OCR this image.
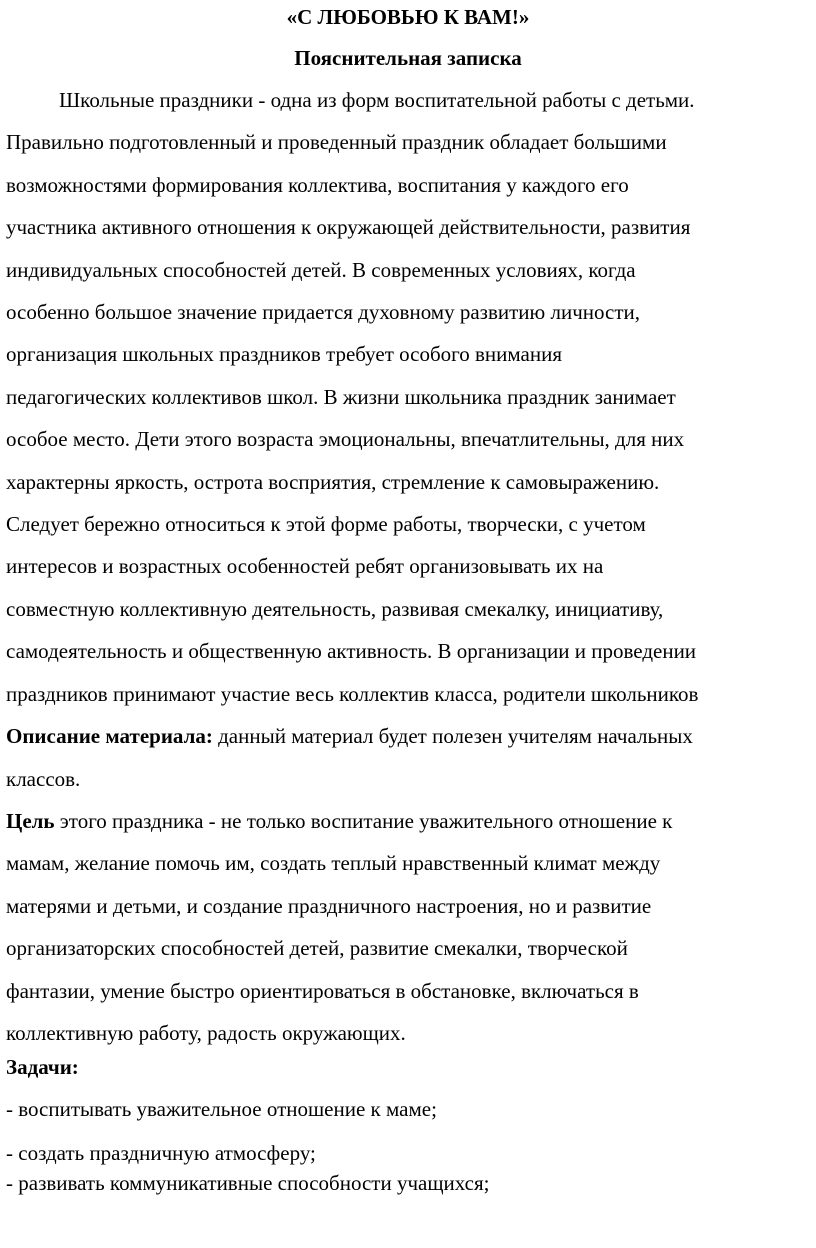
«С ЛЮБОВЬЮ К ВАМ!»
Пояснительная записка
Школьные праздники - одна из форм воспитательной работы с детьми.
Правильно подготовленный и проведенный праздник обладает большими
возможностями формирования коллектива, воспитания у каждого его
участника активного отношения к окружающей действительности, развития
индивидуальных способностей детей. В современных условиях, когда
особенно большое значение придается духовному развитию личности,
организация школьных праздников требует особого внимания
педагогических коллективов школ. В жизни школьника праздник занимает
особое место. Дети этого возраста эмоциональны, впечатлительны, для них
характерны яркость, острота восприятия, стремление к самовыражению.
Следует бережно относиться к этой форме работы, творчески, с учетом
интересов и возрастных особенностей ребят организовывать их на
совместную коллективную деятельность, развивая смекалку, инициативу,
самодеятельность и общественную активность. В организации и проведении
праздников принимают участие весь коллектив класса, родители школьников
Описание материала: данный материал будет полезен учителям начальных
классов.
Цель этого праздника - не только воспитание уважительного отношение к
мамам, желание помочь им, создать теплый нравственный климат между
матерями и детьми, и создание праздничного настроения, но и развитие
организаторских способностей детей, развитие смекалки, творческой
фантазии, умение быстро ориентироваться в обстановке, включаться в
коллективную работу, радость окружающих.
Задачи:
- воспитывать уважительное отношение к маме;
- создать праздничную атмосферу;
- развивать коммуникативные способности учащихся;
